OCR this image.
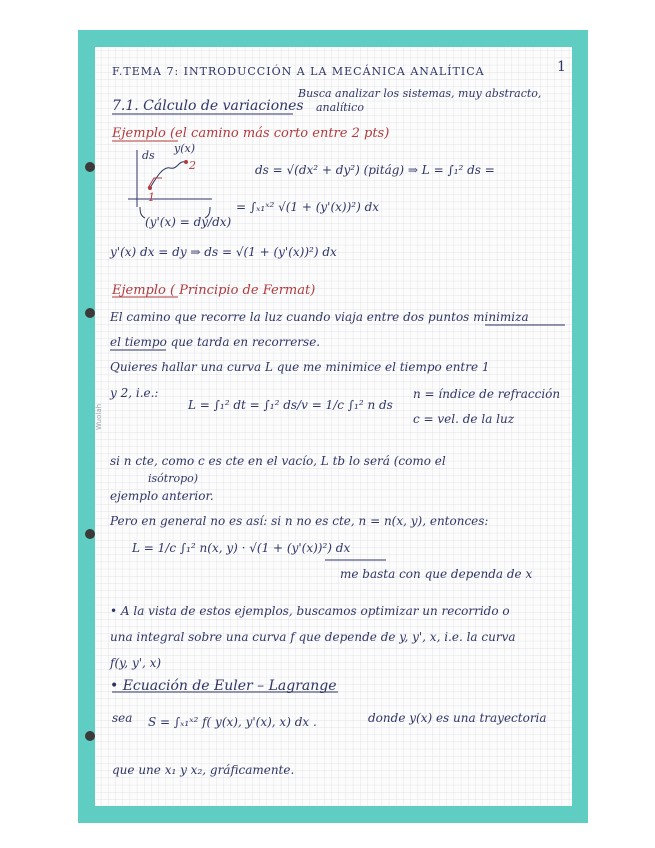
Wuolah
F.TEMA 7: INTRODUCCIÓN A LA MECÁNICA ANALÍTICA	1
Busca analizar los sistemas, muy abstracto,
analítico
7.1. Cálculo de variaciones
Ejemplo (el camino más corto entre 2 pts)
ds
y(x)
1
2
(y'(x) = dy/dx)
ds = √(dx² + dy²) (pitág) ⇒ L = ∫₁² ds =
= ∫ₓ₁ˣ² √(1 + (y'(x))²) dx
y'(x) dx = dy ⇒ ds = √(1 + (y'(x))²) dx
Ejemplo ( Principio de Fermat)
El camino que recorre la luz cuando viaja entre dos puntos minimiza
el tiempo que tarda en recorrerse.
Quieres hallar una curva L que me minimice el tiempo entre 1
y 2, i.e.:
L = ∫₁² dt = ∫₁² ds/v = 1/c ∫₁² n ds
n = índice de refracción
c = vel. de la luz
si n cte, como c es cte en el vacío, L tb lo será (como el
isótropo)
ejemplo anterior.
Pero en general no es así: si n no es cte, n = n(x, y), entonces:
L = 1/c ∫₁² n(x, y) · √(1 + (y'(x))²) dx
me basta con que dependa de x
• A la vista de estos ejemplos, buscamos optimizar un recorrido o
una integral sobre una curva f que depende de y, y', x, i.e. la curva
f(y, y', x)
• Ecuación de Euler – Lagrange
sea S = ∫ₓ₁ˣ² f( y(x), y'(x), x) dx .	donde y(x) es una trayectoria
que une x₁ y x₂, gráficamente.
